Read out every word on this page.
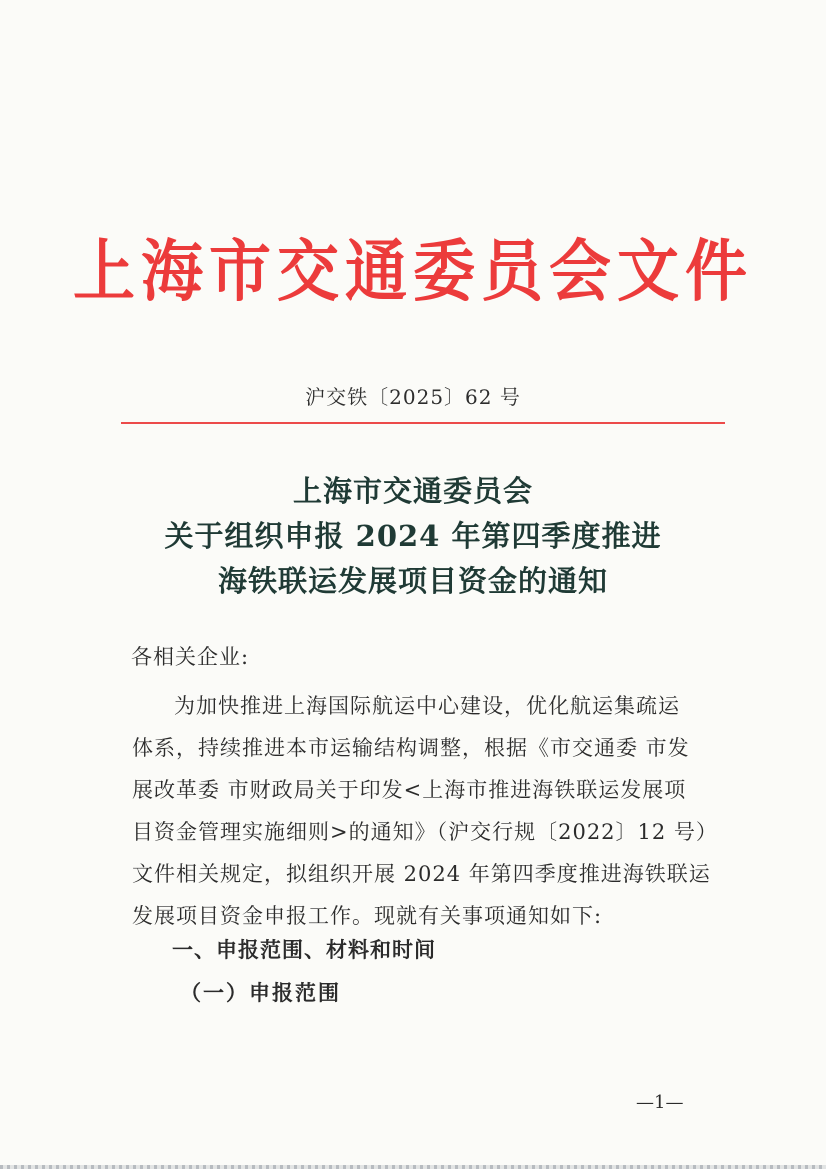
上海市交通委员会文件
沪交铁〔2025〕62 号
上海市交通委员会
关于组织申报 2024 年第四季度推进
海铁联运发展项目资金的通知
各相关企业:
为加快推进上海国际航运中心建设，优化航运集疏运
体系，持续推进本市运输结构调整，根据《市交通委 市发
展改革委 市财政局关于印发<上海市推进海铁联运发展项
目资金管理实施细则>的通知》（沪交行规〔2022〕12 号）
文件相关规定，拟组织开展 2024 年第四季度推进海铁联运
发展项目资金申报工作。现就有关事项通知如下:
一、申报范围、材料和时间
（一）申报范围
—1—
